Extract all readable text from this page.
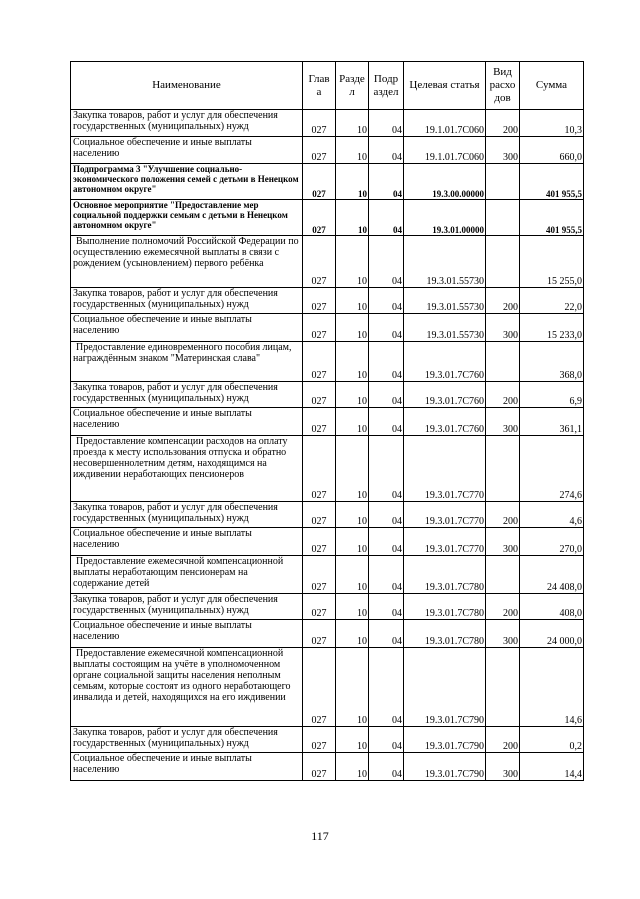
Наименование	Глав а	Разде л	Подр аздел	Целевая статья	Вид расхо дов	Сумма
Закупка товаров, работ и услуг для обеспечения государственных (муниципальных) нужд	027	10	04	19.1.01.7С060	200	10,3
Социальное обеспечение и иные выплаты населению	027	10	04	19.1.01.7С060	300	660,0
Подпрограмма 3 "Улучшение социально-экономического положения семей с детьми в Ненецком автономном округе"	027	10	04	19.3.00.00000		401 955,5
Основное мероприятие "Предоставление мер социальной поддержки семьям с детьми в Ненецком автономном округе"	027	10	04	19.3.01.00000		401 955,5
Выполнение полномочий Российской Федерации по осуществлению ежемесячной выплаты в связи с рождением (усыновлением) первого ребёнка	027	10	04	19.3.01.55730		15 255,0
Закупка товаров, работ и услуг для обеспечения государственных (муниципальных) нужд	027	10	04	19.3.01.55730	200	22,0
Социальное обеспечение и иные выплаты населению	027	10	04	19.3.01.55730	300	15 233,0
Предоставление единовременного пособия лицам, награждённым знаком "Материнская слава"	027	10	04	19.3.01.7С760		368,0
Закупка товаров, работ и услуг для обеспечения государственных (муниципальных) нужд	027	10	04	19.3.01.7С760	200	6,9
Социальное обеспечение и иные выплаты населению	027	10	04	19.3.01.7С760	300	361,1
Предоставление компенсации расходов на оплату проезда к месту использования отпуска и обратно несовершеннолетним детям, находящимся на иждивении неработающих пенсионеров	027	10	04	19.3.01.7С770		274,6
Закупка товаров, работ и услуг для обеспечения государственных (муниципальных) нужд	027	10	04	19.3.01.7С770	200	4,6
Социальное обеспечение и иные выплаты населению	027	10	04	19.3.01.7С770	300	270,0
Предоставление ежемесячной компенсационной выплаты неработающим пенсионерам на содержание детей	027	10	04	19.3.01.7С780		24 408,0
Закупка товаров, работ и услуг для обеспечения государственных (муниципальных) нужд	027	10	04	19.3.01.7С780	200	408,0
Социальное обеспечение и иные выплаты населению	027	10	04	19.3.01.7С780	300	24 000,0
Предоставление ежемесячной компенсационной выплаты состоящим на учёте в уполномоченном органе социальной защиты населения неполным семьям, которые состоят из одного неработающего инвалида и детей, находящихся на его иждивении	027	10	04	19.3.01.7С790		14,6
Закупка товаров, работ и услуг для обеспечения государственных (муниципальных) нужд	027	10	04	19.3.01.7С790	200	0,2
Социальное обеспечение и иные выплаты населению	027	10	04	19.3.01.7С790	300	14,4
117
